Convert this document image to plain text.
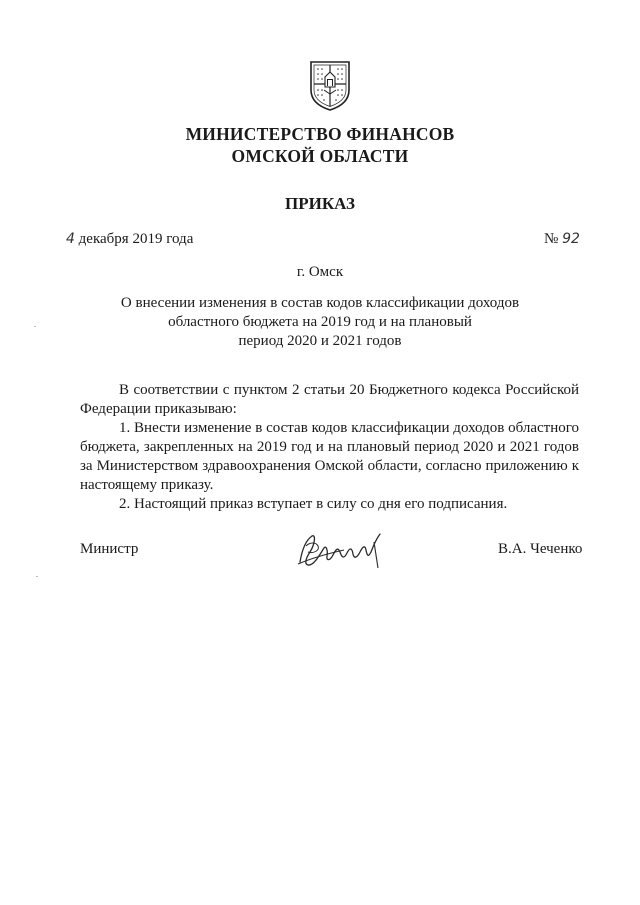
МИНИСТЕРСТВО ФИНАНСОВ
ОМСКОЙ ОБЛАСТИ
ПРИКАЗ
4 декабря 2019 года	№ 92
г. Омск
О внесении изменения в состав кодов классификации доходов
областного бюджета на 2019 год и на плановый
период 2020 и 2021 годов
В соответствии с пунктом 2 статьи 20 Бюджетного кодекса Российской
Федерации приказываю:
1. Внести изменение в состав кодов классификации доходов областного
бюджета, закрепленных на 2019 год и на плановый период 2020 и 2021 годов
за Министерством здравоохранения Омской области, согласно приложению к
настоящему приказу.
2. Настоящий приказ вступает в силу со дня его подписания.
Министр	В.А. Чеченко
